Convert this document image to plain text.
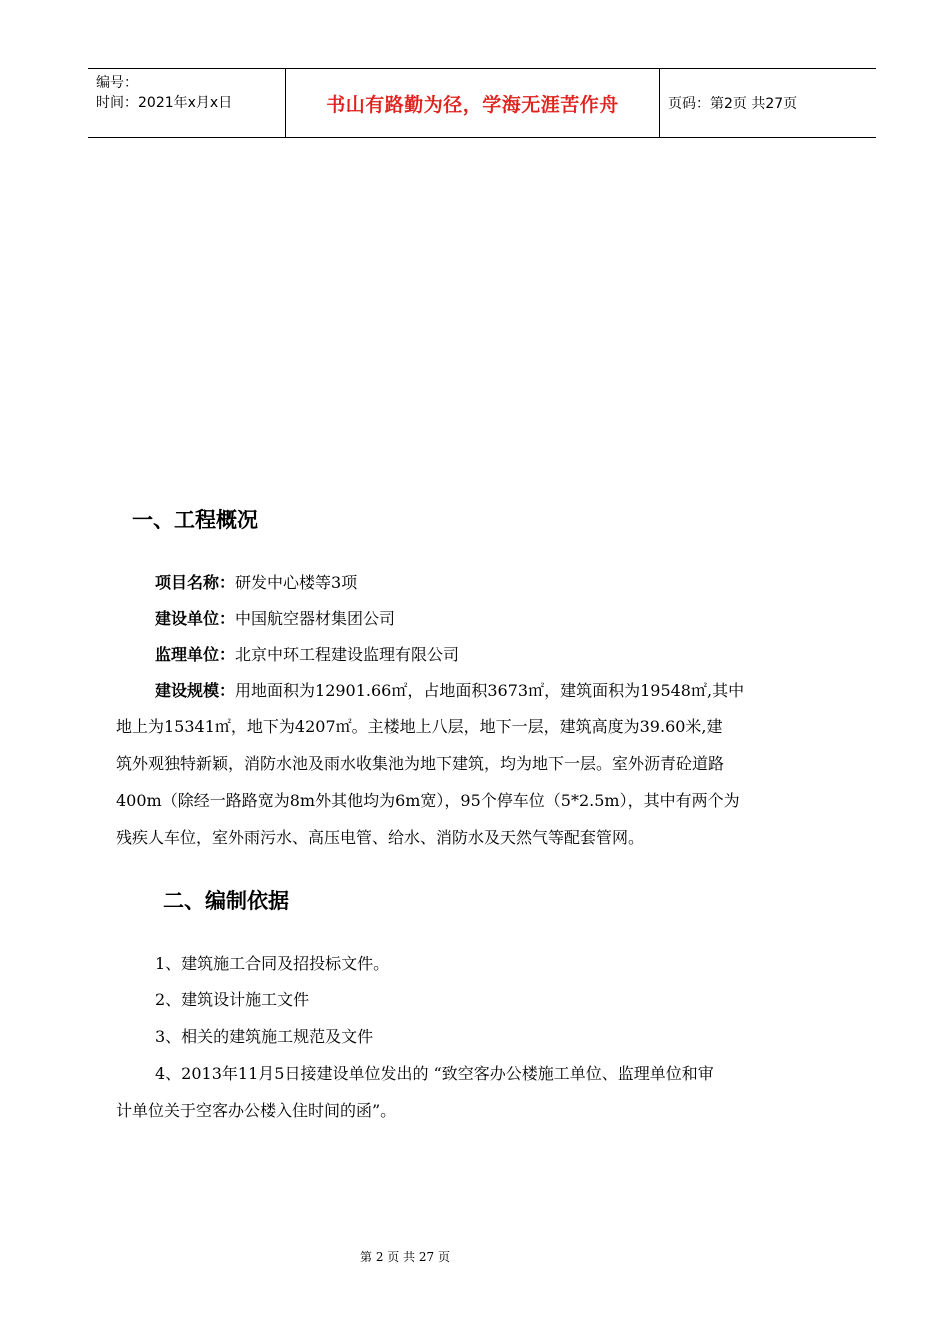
编号：
时间：2021年x月x日	书山有路勤为径，学海无涯苦作舟	页码：第2页 共27页
一、工程概况
项目名称：研发中心楼等3项
建设单位：中国航空器材集团公司
监理单位：北京中环工程建设监理有限公司
建设规模：用地面积为12901.66㎡，占地面积3673㎡，建筑面积为19548㎡,其中
地上为15341㎡，地下为4207㎡。主楼地上八层，地下一层，建筑高度为39.60米,建
筑外观独特新颖，消防水池及雨水收集池为地下建筑，均为地下一层。室外沥青砼道路
400m（除经一路路宽为8m外其他均为6m宽），95个停车位（5*2.5m），其中有两个为
残疾人车位，室外雨污水、高压电管、给水、消防水及天然气等配套管网。
二、编制依据
1、建筑施工合同及招投标文件。
2、建筑设计施工文件
3、相关的建筑施工规范及文件
4、2013年11月5日接建设单位发出的 “致空客办公楼施工单位、监理单位和审
计单位关于空客办公楼入住时间的函”。
第 2 页 共 27 页
